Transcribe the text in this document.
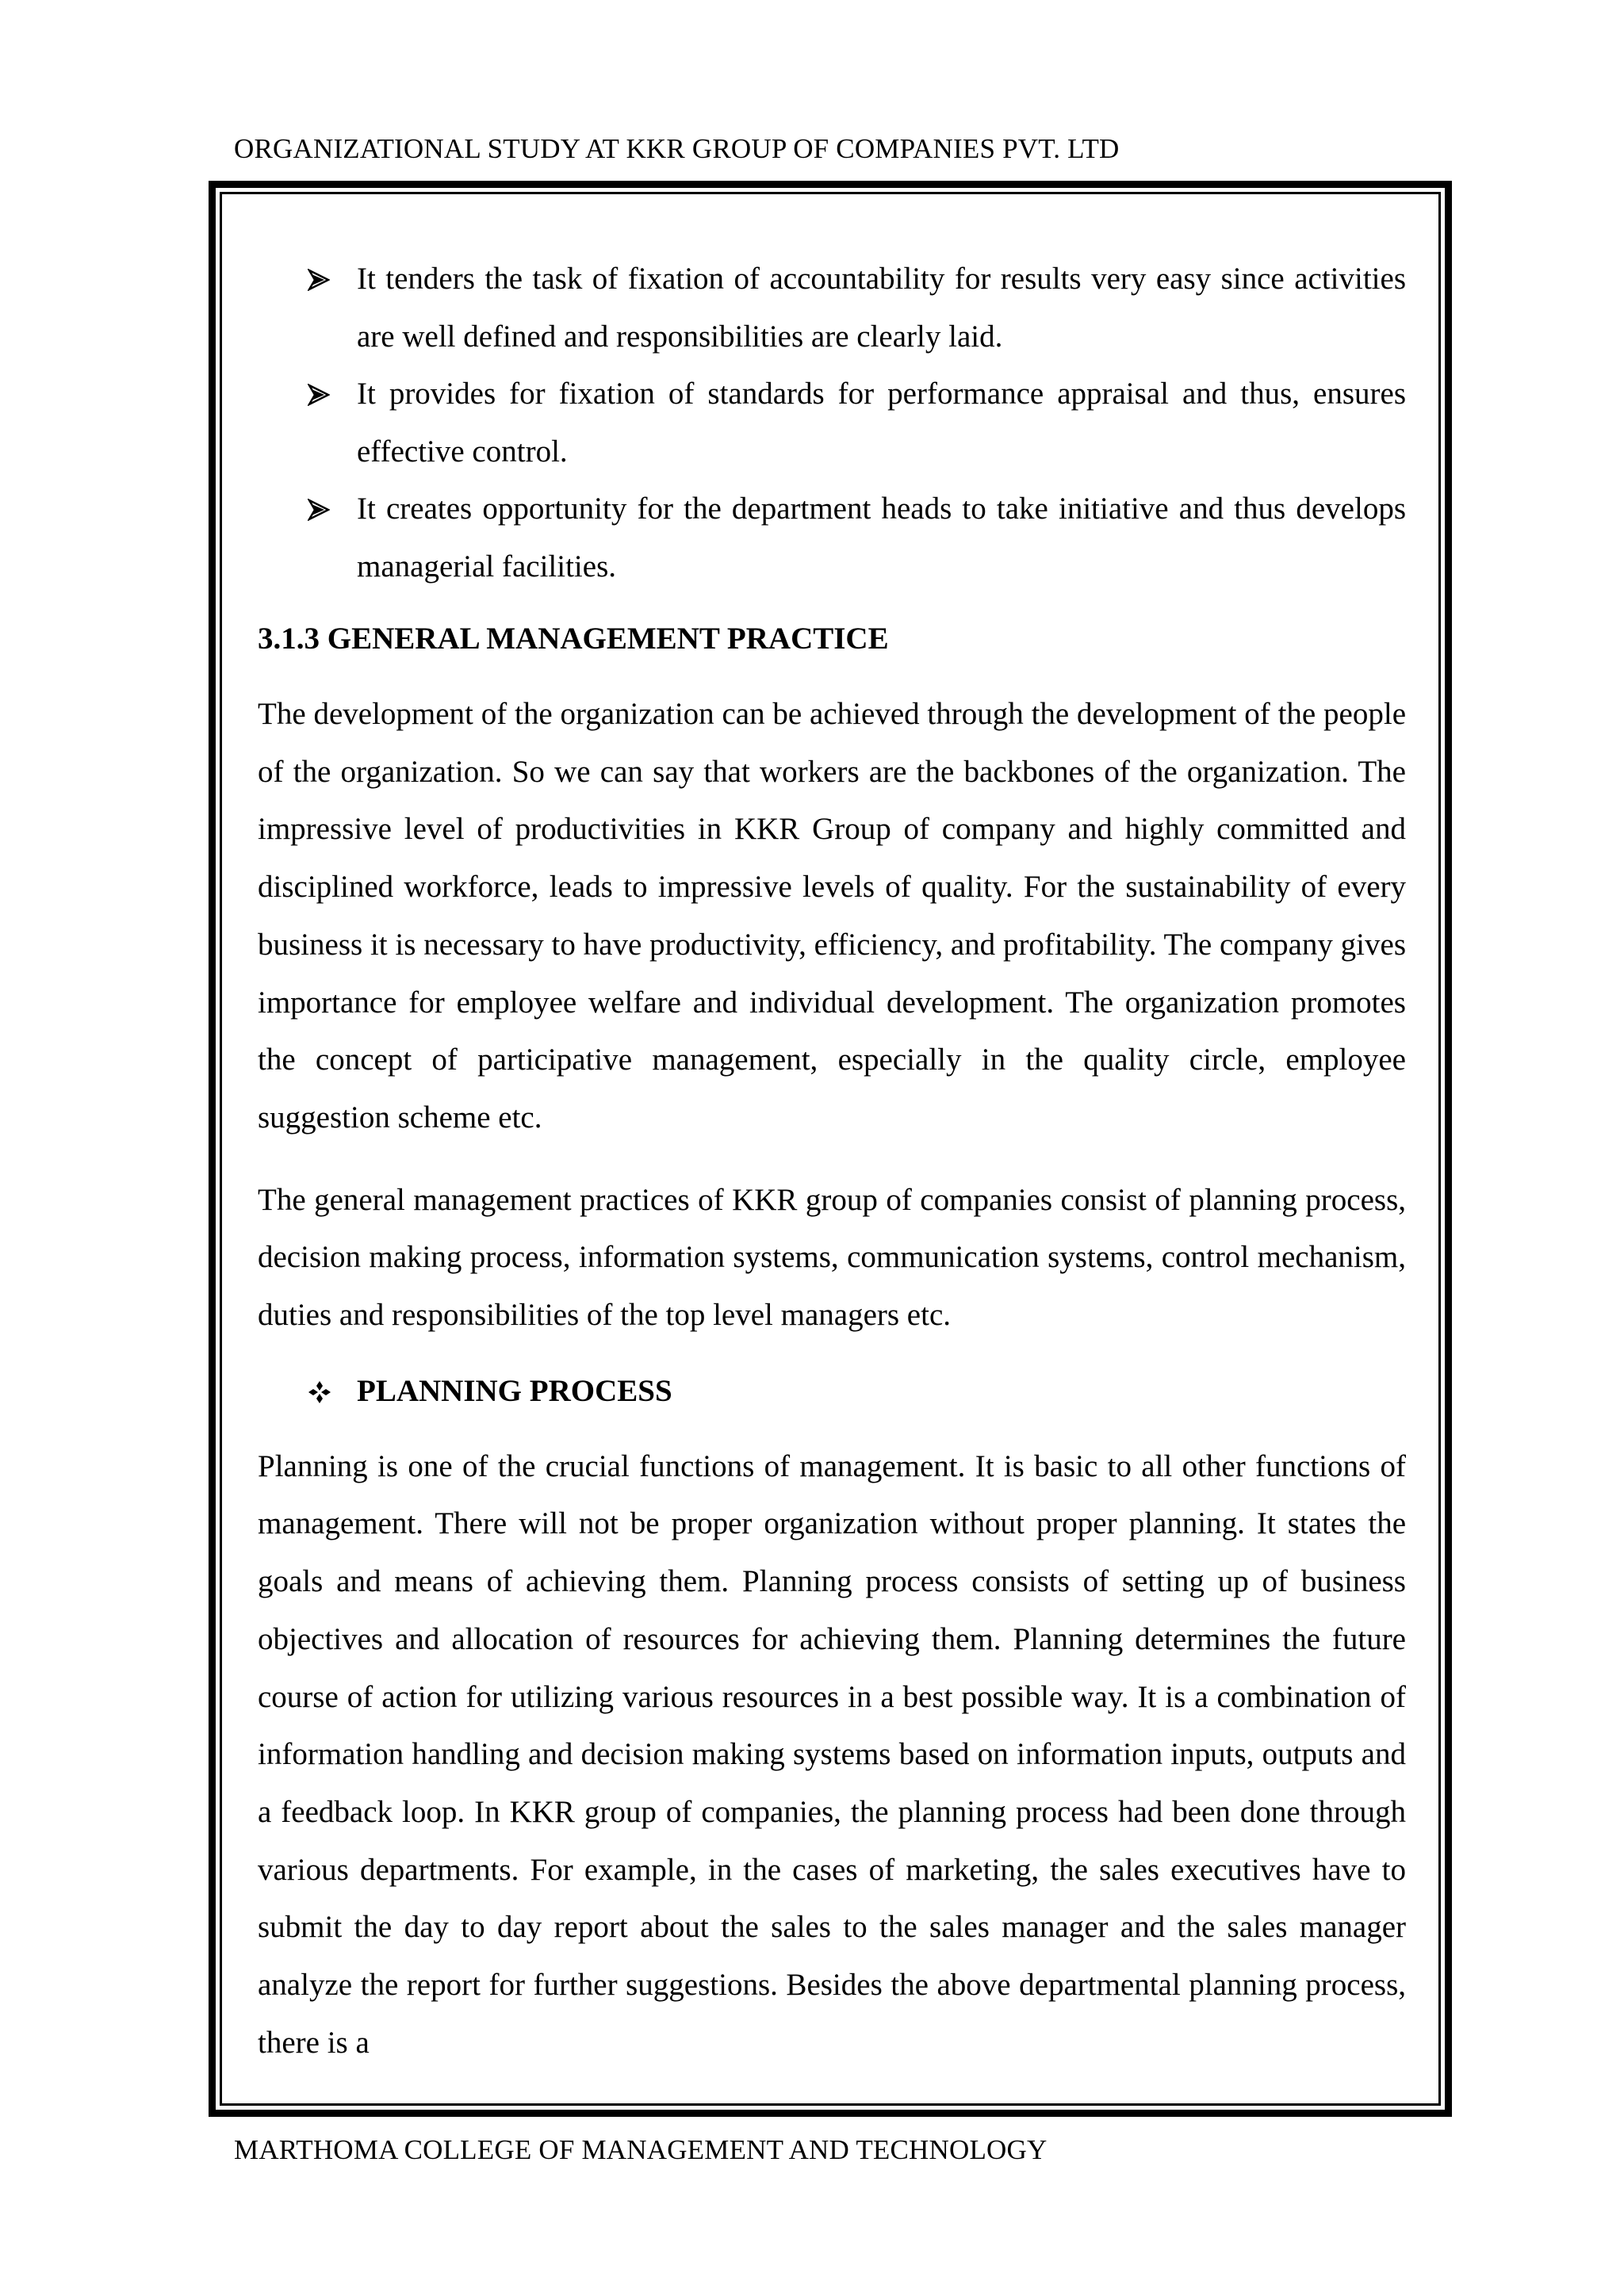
ORGANIZATIONAL STUDY AT KKR GROUP OF COMPANIES PVT. LTD
It tenders the task of fixation of accountability for results very easy since activities are well defined and responsibilities are clearly laid.
It provides for fixation of standards for performance appraisal and thus, ensures effective control.
It creates opportunity for the department heads to take initiative and thus develops managerial facilities.
3.1.3 GENERAL MANAGEMENT PRACTICE

The development of the organization can be achieved through the development of the people of the organization. So we can say that workers are the backbones of the organization. The impressive level of productivities in KKR Group of company and highly committed and disciplined workforce, leads to impressive levels of quality. For the sustainability of every business it is necessary to have productivity, efficiency, and profitability. The company gives importance for employee welfare and individual development. The organization promotes the concept of participative management, especially in the quality circle, employee suggestion scheme etc.

The general management practices of KKR group of companies consist of planning process, decision making process, information systems, communication systems, control mechanism, duties and responsibilities of the top level managers etc.

PLANNING PROCESS

Planning is one of the crucial functions of management. It is basic to all other functions of management. There will not be proper organization without proper planning. It states the goals and means of achieving them. Planning process consists of setting up of business objectives and allocation of resources for achieving them. Planning determines the future course of action for utilizing various resources in a best possible way. It is a combination of information handling and decision making systems based on information inputs, outputs and a feedback loop. In KKR group of companies, the planning process had been done through various departments. For example, in the cases of marketing, the sales executives have to submit the day to day report about the sales to the sales manager and the sales manager analyze the report for further suggestions. Besides the above departmental planning process, there is a

MARTHOMA COLLEGE OF MANAGEMENT AND TECHNOLOGY
